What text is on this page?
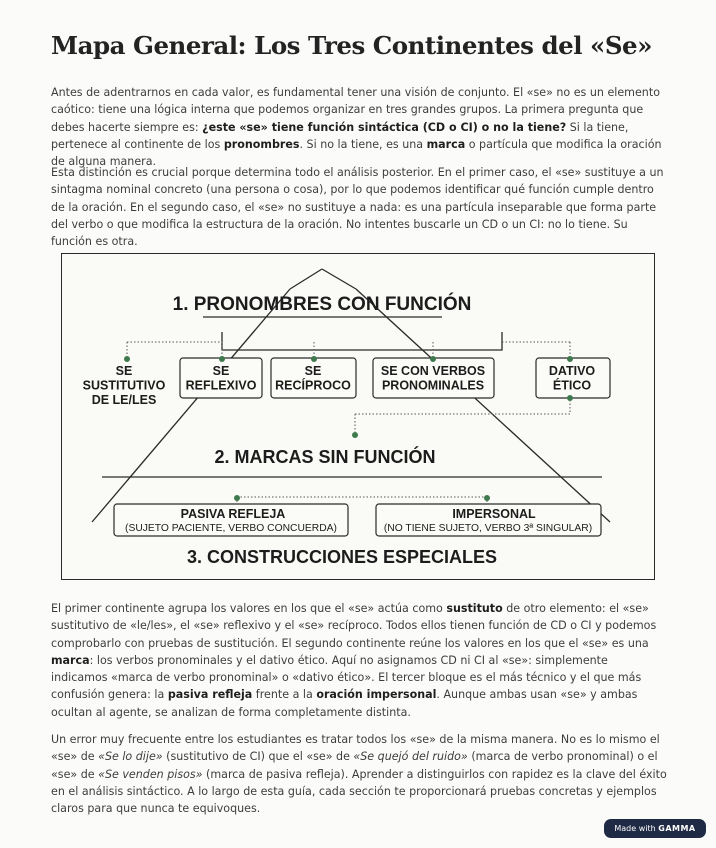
Mapa General: Los Tres Continentes del «Se»

Antes de adentrarnos en cada valor, es fundamental tener una visión de conjunto. El «se» no es un elemento caótico: tiene una lógica interna que podemos organizar en tres grandes grupos. La primera pregunta que debes hacerte siempre es: ¿este «se» tiene función sintáctica (CD o CI) o no la tiene? Si la tiene, pertenece al continente de los pronombres. Si no la tiene, es una marca o partícula que modifica la oración de alguna manera.

Esta distinción es crucial porque determina todo el análisis posterior. En el primer caso, el «se» sustituye a un sintagma nominal concreto (una persona o cosa), por lo que podemos identificar qué función cumple dentro de la oración. En el segundo caso, el «se» no sustituye a nada: es una partícula inseparable que forma parte del verbo o que modifica la estructura de la oración. No intentes buscarle un CD o un CI: no lo tiene. Su función es otra.

El primer continente agrupa los valores en los que el «se» actúa como sustituto de otro elemento: el «se» sustitutivo de «le/les», el «se» reflexivo y el «se» recíproco. Todos ellos tienen función de CD o CI y podemos comprobarlo con pruebas de sustitución. El segundo continente reúne los valores en los que el «se» es una marca: los verbos pronominales y el dativo ético. Aquí no asignamos CD ni CI al «se»: simplemente indicamos «marca de verbo pronominal» o «dativo ético». El tercer bloque es el más técnico y el que más confusión genera: la pasiva refleja frente a la oración impersonal. Aunque ambas usan «se» y ambas ocultan al agente, se analizan de forma completamente distinta.

Un error muy frecuente entre los estudiantes es tratar todos los «se» de la misma manera. No es lo mismo el «se» de «Se lo dije» (sustitutivo de CI) que el «se» de «Se quejó del ruido» (marca de verbo pronominal) o el «se» de «Se venden pisos» (marca de pasiva refleja). Aprender a distinguirlos con rapidez es la clave del éxito en el análisis sintáctico. A lo largo de esta guía, cada sección te proporcionará pruebas concretas y ejemplos claros para que nunca te equivoques.

1. PRONOMBRES CON FUNCIÓN
2. MARCAS SIN FUNCIÓN
3. CONSTRUCCIONES ESPECIALES
SE SUSTITUTIVO DE LE/LES
SE REFLEXIVO
SE RECÍPROCO
SE CON VERBOS PRONOMINALES
DATIVO ÉTICO
PASIVA REFLEJA	IMPERSONAL
(SUJETO PACIENTE, VERBO CONCUERDA)	(NO TIENE SUJETO, VERBO 3ª SINGULAR)
Made with GAMMA
